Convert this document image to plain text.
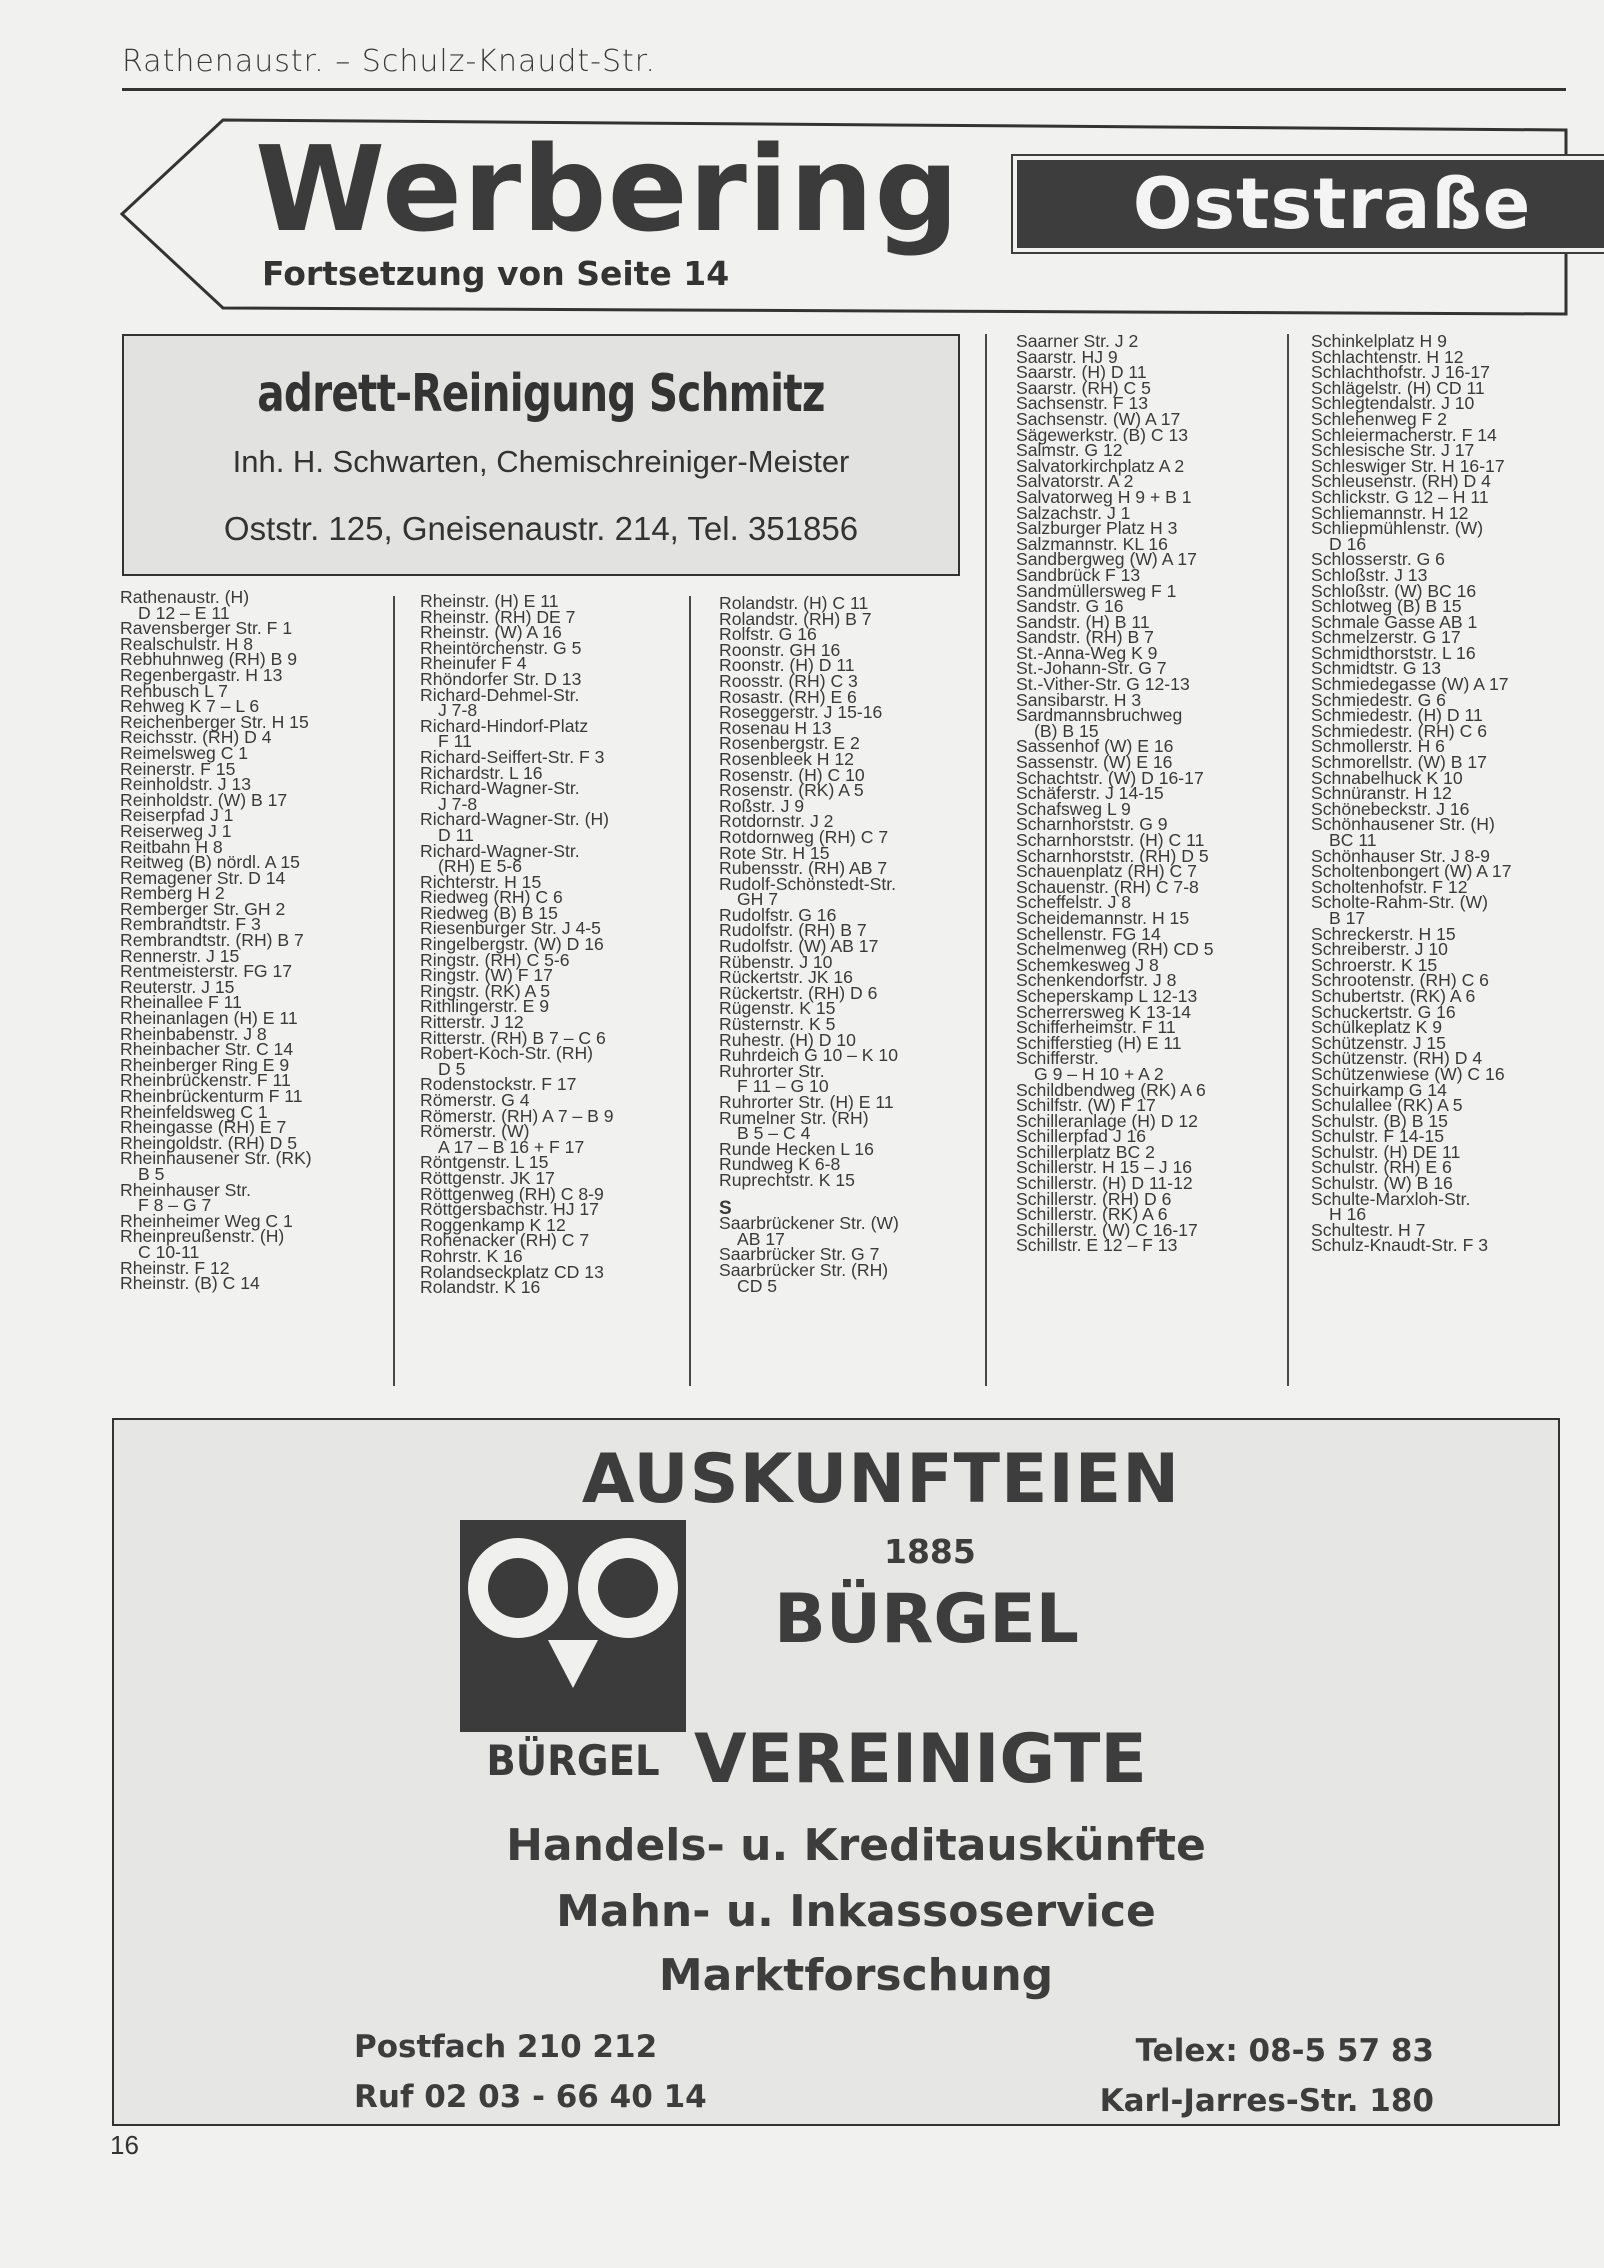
Rathenaustr. – Schulz-Knaudt-Str.
Werbering
Fortsetzung von Seite 14
Oststraße
adrett-Reinigung Schmitz
Inh. H. Schwarten, Chemischreiniger-Meister
Oststr. 125, Gneisenaustr. 214, Tel. 351856
Rathenaustr. (H)
D 12 – E 11
Ravensberger Str. F 1
Realschulstr. H 8
Rebhuhnweg (RH) B 9
Regenbergastr. H 13
Rehbusch L 7
Rehweg K 7 – L 6
Reichenberger Str. H 15
Reichsstr. (RH) D 4
Reimelsweg C 1
Reinerstr. F 15
Reinholdstr. J 13
Reinholdstr. (W) B 17
Reiserpfad J 1
Reiserweg J 1
Reitbahn H 8
Reitweg (B) nördl. A 15
Remagener Str. D 14
Remberg H 2
Remberger Str. GH 2
Rembrandtstr. F 3
Rembrandtstr. (RH) B 7
Rennerstr. J 15
Rentmeisterstr. FG 17
Reuterstr. J 15
Rheinallee F 11
Rheinanlagen (H) E 11
Rheinbabenstr. J 8
Rheinbacher Str. C 14
Rheinberger Ring E 9
Rheinbrückenstr. F 11
Rheinbrückenturm F 11
Rheinfeldsweg C 1
Rheingasse (RH) E 7
Rheingoldstr. (RH) D 5
Rheinhausener Str. (RK)
B 5
Rheinhauser Str.
F 8 – G 7
Rheinheimer Weg C 1
Rheinpreußenstr. (H)
C 10-11
Rheinstr. F 12
Rheinstr. (B) C 14
Rheinstr. (H) E 11
Rheinstr. (RH) DE 7
Rheinstr. (W) A 16
Rheintörchenstr. G 5
Rheinufer F 4
Rhöndorfer Str. D 13
Richard-Dehmel-Str.
J 7-8
Richard-Hindorf-Platz
F 11
Richard-Seiffert-Str. F 3
Richardstr. L 16
Richard-Wagner-Str.
J 7-8
Richard-Wagner-Str. (H)
D 11
Richard-Wagner-Str.
(RH) E 5-6
Richterstr. H 15
Riedweg (RH) C 6
Riedweg (B) B 15
Riesenburger Str. J 4-5
Ringelbergstr. (W) D 16
Ringstr. (RH) C 5-6
Ringstr. (W) F 17
Ringstr. (RK) A 5
Rithlingerstr. E 9
Ritterstr. J 12
Ritterstr. (RH) B 7 – C 6
Robert-Koch-Str. (RH)
D 5
Rodenstockstr. F 17
Römerstr. G 4
Römerstr. (RH) A 7 – B 9
Römerstr. (W)
A 17 – B 16 + F 17
Röntgenstr. L 15
Röttgenstr. JK 17
Röttgenweg (RH) C 8-9
Röttgersbachstr. HJ 17
Roggenkamp K 12
Rohenacker (RH) C 7
Rohrstr. K 16
Rolandseckplatz CD 13
Rolandstr. K 16
Rolandstr. (H) C 11
Rolandstr. (RH) B 7
Rolfstr. G 16
Roonstr. GH 16
Roonstr. (H) D 11
Roosstr. (RH) C 3
Rosastr. (RH) E 6
Roseggerstr. J 15-16
Rosenau H 13
Rosenbergstr. E 2
Rosenbleek H 12
Rosenstr. (H) C 10
Rosenstr. (RK) A 5
Roßstr. J 9
Rotdornstr. J 2
Rotdornweg (RH) C 7
Rote Str. H 15
Rubensstr. (RH) AB 7
Rudolf-Schönstedt-Str.
GH 7
Rudolfstr. G 16
Rudolfstr. (RH) B 7
Rudolfstr. (W) AB 17
Rübenstr. J 10
Rückertstr. JK 16
Rückertstr. (RH) D 6
Rügenstr. K 15
Rüsternstr. K 5
Ruhestr. (H) D 10
Ruhrdeich G 10 – K 10
Ruhrorter Str.
F 11 – G 10
Ruhrorter Str. (H) E 11
Rumelner Str. (RH)
B 5 – C 4
Runde Hecken L 16
Rundweg K 6-8
Ruprechtstr. K 15
S
Saarbrückener Str. (W)
AB 17
Saarbrücker Str. G 7
Saarbrücker Str. (RH)
CD 5
Saarner Str. J 2
Saarstr. HJ 9
Saarstr. (H) D 11
Saarstr. (RH) C 5
Sachsenstr. F 13
Sachsenstr. (W) A 17
Sägewerkstr. (B) C 13
Salmstr. G 12
Salvatorkirchplatz A 2
Salvatorstr. A 2
Salvatorweg H 9 + B 1
Salzachstr. J 1
Salzburger Platz H 3
Salzmannstr. KL 16
Sandbergweg (W) A 17
Sandbrück F 13
Sandmüllersweg F 1
Sandstr. G 16
Sandstr. (H) B 11
Sandstr. (RH) B 7
St.-Anna-Weg K 9
St.-Johann-Str. G 7
St.-Vither-Str. G 12-13
Sansibarstr. H 3
Sardmannsbruchweg
(B) B 15
Sassenhof (W) E 16
Sassenstr. (W) E 16
Schachtstr. (W) D 16-17
Schäferstr. J 14-15
Schafsweg L 9
Scharnhorststr. G 9
Scharnhorststr. (H) C 11
Scharnhorststr. (RH) D 5
Schauenplatz (RH) C 7
Schauenstr. (RH) C 7-8
Scheffelstr. J 8
Scheidemannstr. H 15
Schellenstr. FG 14
Schelmenweg (RH) CD 5
Schemkesweg J 8
Schenkendorfstr. J 8
Scheperskamp L 12-13
Scherrersweg K 13-14
Schifferheimstr. F 11
Schifferstieg (H) E 11
Schifferstr.
G 9 – H 10 + A 2
Schildbendweg (RK) A 6
Schilfstr. (W) F 17
Schilleranlage (H) D 12
Schillerpfad J 16
Schillerplatz BC 2
Schillerstr. H 15 – J 16
Schillerstr. (H) D 11-12
Schillerstr. (RH) D 6
Schillerstr. (RK) A 6
Schillerstr. (W) C 16-17
Schillstr. E 12 – F 13
Schinkelplatz H 9
Schlachtenstr. H 12
Schlachthofstr. J 16-17
Schlägelstr. (H) CD 11
Schlegtendalstr. J 10
Schlehenweg F 2
Schleiermacherstr. F 14
Schlesische Str. J 17
Schleswiger Str. H 16-17
Schleusenstr. (RH) D 4
Schlickstr. G 12 – H 11
Schliemannstr. H 12
Schliepmühlenstr. (W)
D 16
Schlosserstr. G 6
Schloßstr. J 13
Schloßstr. (W) BC 16
Schlotweg (B) B 15
Schmale Gasse AB 1
Schmelzerstr. G 17
Schmidthorststr. L 16
Schmidtstr. G 13
Schmiedegasse (W) A 17
Schmiedestr. G 6
Schmiedestr. (H) D 11
Schmiedestr. (RH) C 6
Schmollerstr. H 6
Schmorellstr. (W) B 17
Schnabelhuck K 10
Schnüranstr. H 12
Schönebeckstr. J 16
Schönhausener Str. (H)
BC 11
Schönhauser Str. J 8-9
Scholtenbongert (W) A 17
Scholtenhofstr. F 12
Scholte-Rahm-Str. (W)
B 17
Schreckerstr. H 15
Schreiberstr. J 10
Schroerstr. K 15
Schrootenstr. (RH) C 6
Schubertstr. (RK) A 6
Schuckertstr. G 16
Schülkeplatz K 9
Schützenstr. J 15
Schützenstr. (RH) D 4
Schützenwiese (W) C 16
Schuirkamp G 14
Schulallee (RK) A 5
Schulstr. (B) B 15
Schulstr. F 14-15
Schulstr. (H) DE 11
Schulstr. (RH) E 6
Schulstr. (W) B 16
Schulte-Marxloh-Str.
H 16
Schultestr. H 7
Schulz-Knaudt-Str. F 3
AUSKUNFTEIEN
1885
BÜRGEL
VEREINIGTE
BÜRGEL
Handels- u. Kreditauskünfte
Mahn- u. Inkassoservice
Marktforschung
Postfach 210 212
Ruf 02 03 - 66 40 14
Telex: 08-5 57 83
Karl-Jarres-Str. 180
16
